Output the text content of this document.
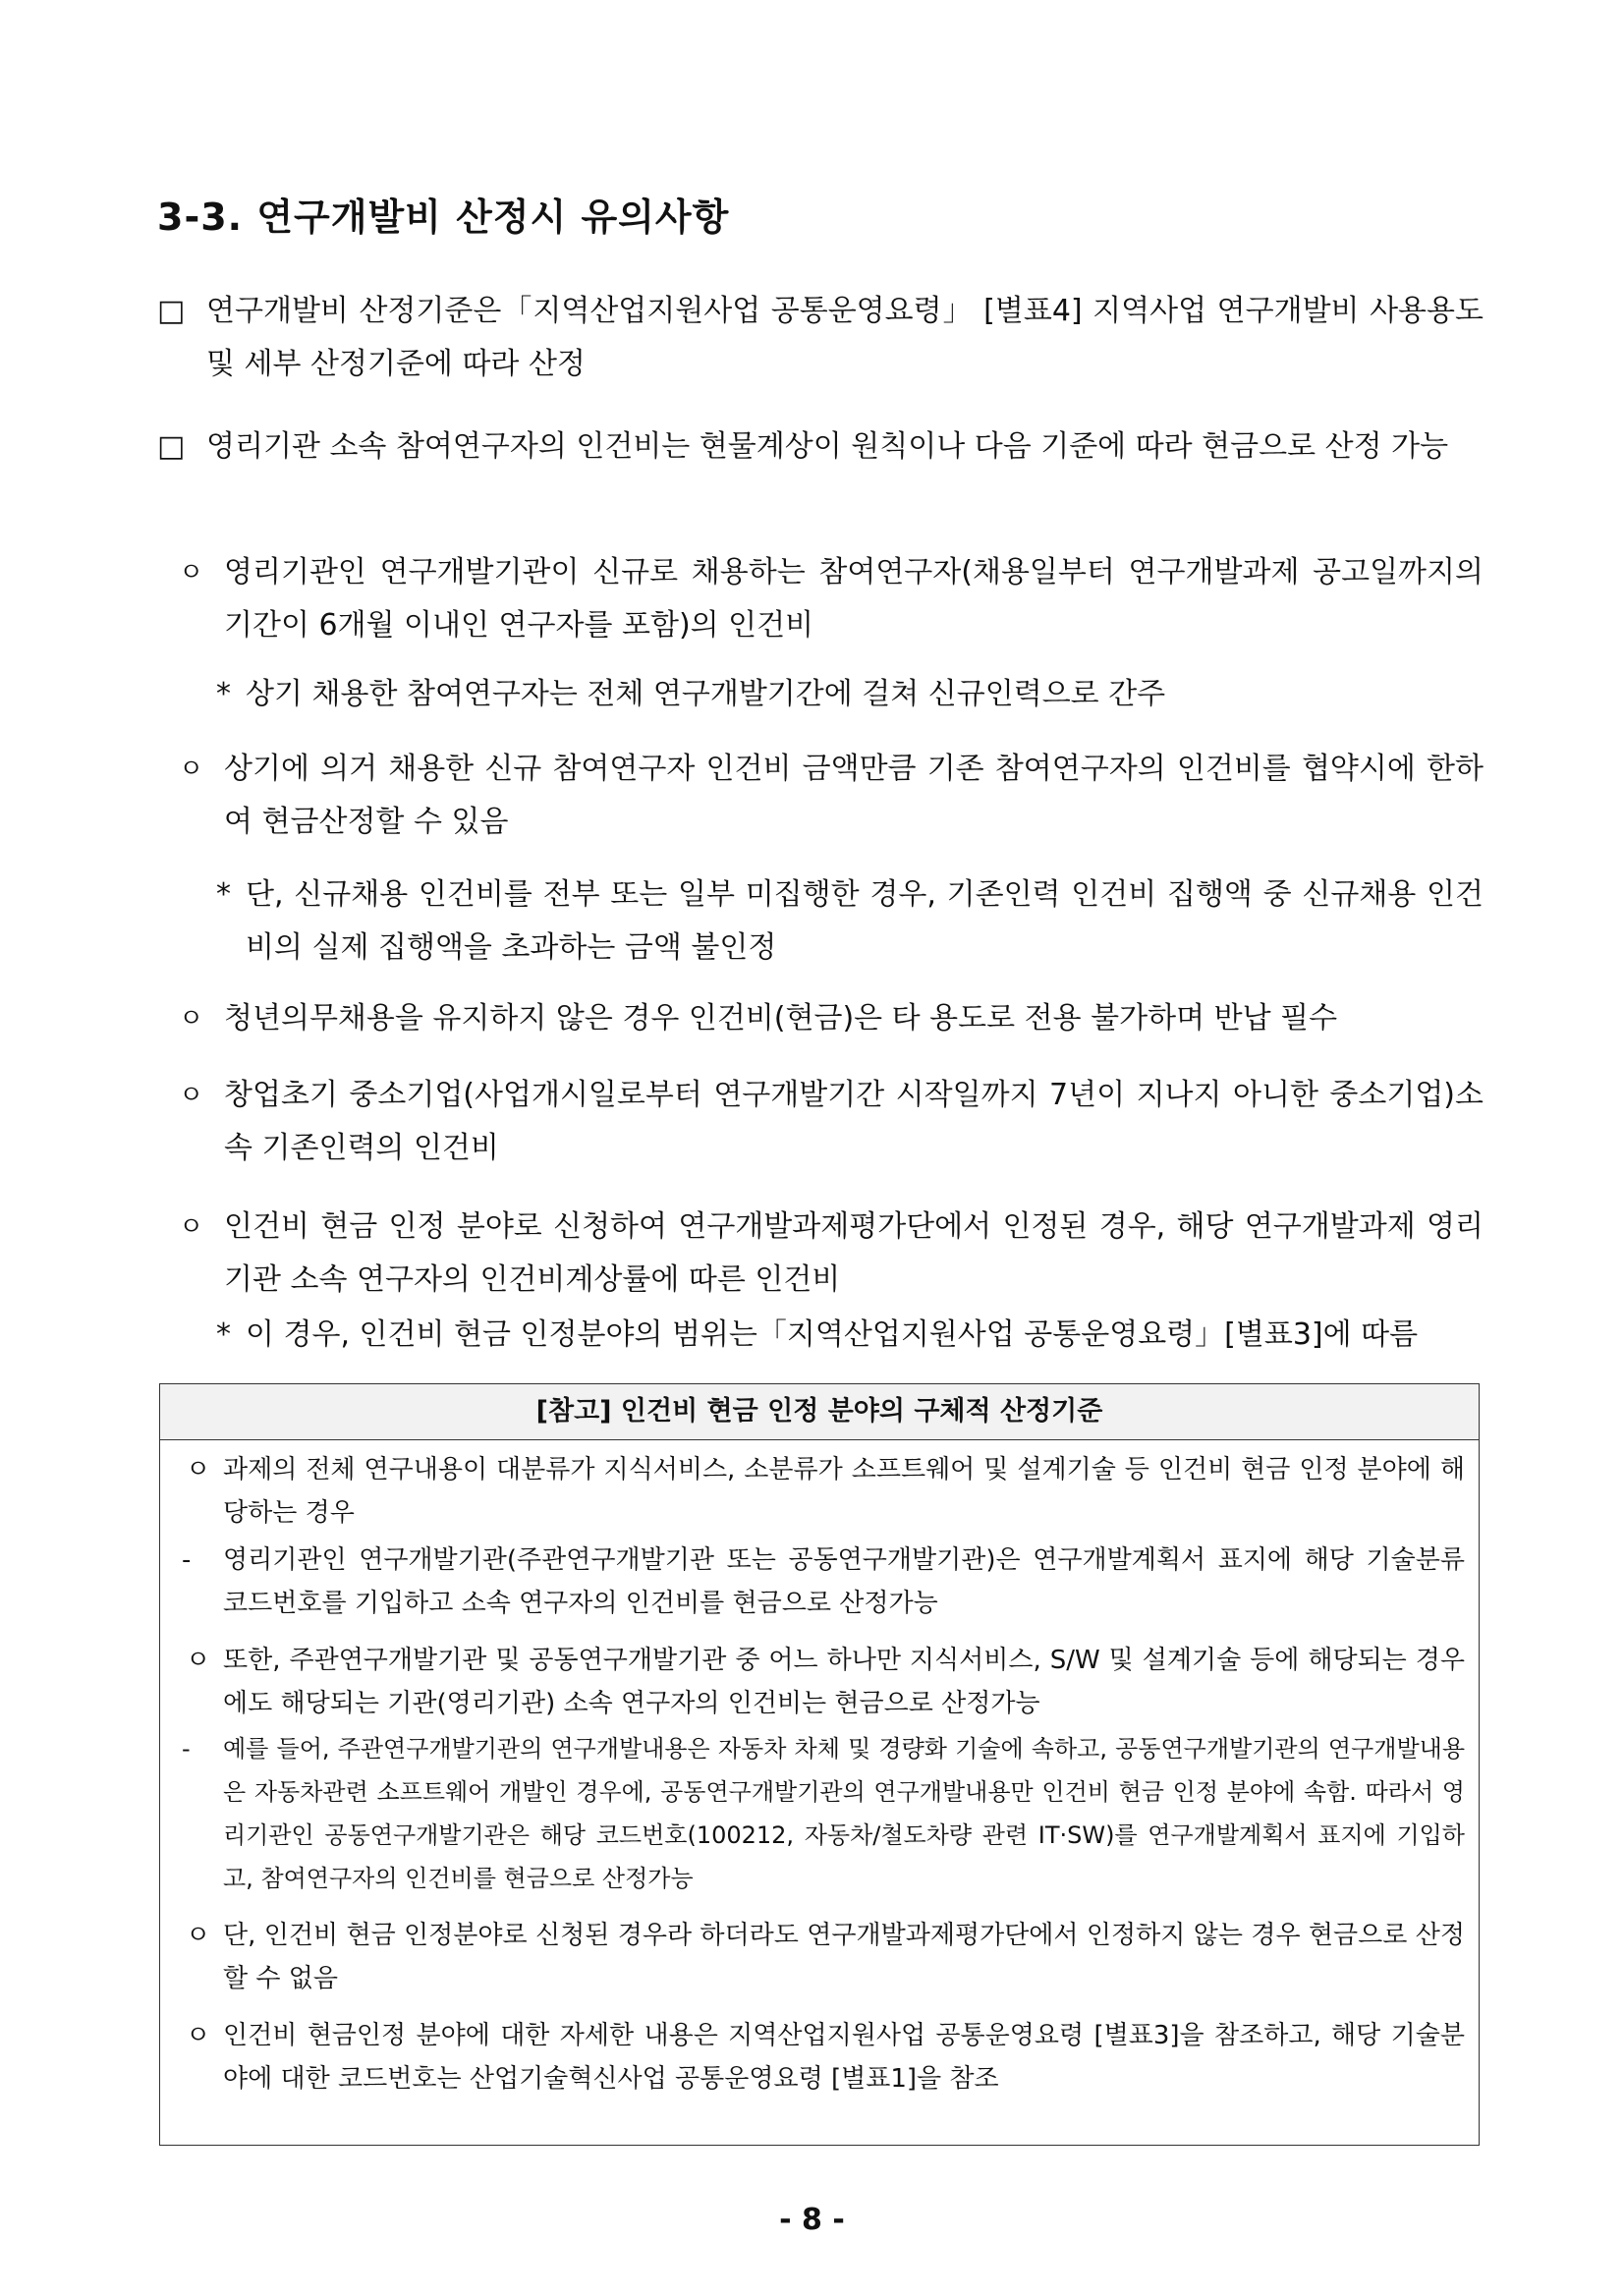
3-3. 연구개발비 산정시 유의사항
□ 연구개발비 산정기준은「지역산업지원사업 공통운영요령」 [별표4] 지역사업 연구개발비 사용용도 및 세부 산정기준에 따라 산정
□ 영리기관 소속 참여연구자의 인건비는 현물계상이 원칙이나 다음 기준에 따라 현금으로 산정 가능
ㅇ 영리기관인 연구개발기관이 신규로 채용하는 참여연구자(채용일부터 연구개발과제 공고일까지의 기간이 6개월 이내인 연구자를 포함)의 인건비
* 상기 채용한 참여연구자는 전체 연구개발기간에 걸쳐 신규인력으로 간주
ㅇ 상기에 의거 채용한 신규 참여연구자 인건비 금액만큼 기존 참여연구자의 인건비를 협약시에 한하여 현금산정할 수 있음
* 단, 신규채용 인건비를 전부 또는 일부 미집행한 경우, 기존인력 인건비 집행액 중 신규채용 인건비의 실제 집행액을 초과하는 금액 불인정
ㅇ 청년의무채용을 유지하지 않은 경우 인건비(현금)은 타 용도로 전용 불가하며 반납 필수
ㅇ 창업초기 중소기업(사업개시일로부터 연구개발기간 시작일까지 7년이 지나지 아니한 중소기업)소속 기존인력의 인건비
ㅇ 인건비 현금 인정 분야로 신청하여 연구개발과제평가단에서 인정된 경우, 해당 연구개발과제 영리기관 소속 연구자의 인건비계상률에 따른 인건비
* 이 경우, 인건비 현금 인정분야의 범위는「지역산업지원사업 공통운영요령」[별표3]에 따름
[참고] 인건비 현금 인정 분야의 구체적 산정기준
ㅇ 과제의 전체 연구내용이 대분류가 지식서비스, 소분류가 소프트웨어 및 설계기술 등 인건비 현금 인정 분야에 해당하는 경우
-	영리기관인 연구개발기관(주관연구개발기관 또는 공동연구개발기관)은 연구개발계획서 표지에 해당 기술분류 코드번호를 기입하고 소속 연구자의 인건비를 현금으로 산정가능
ㅇ 또한, 주관연구개발기관 및 공동연구개발기관 중 어느 하나만 지식서비스, S/W 및 설계기술 등에 해당되는 경우에도 해당되는 기관(영리기관) 소속 연구자의 인건비는 현금으로 산정가능
-	예를 들어, 주관연구개발기관의 연구개발내용은 자동차 차체 및 경량화 기술에 속하고, 공동연구개발기관의 연구개발내용은 자동차관련 소프트웨어 개발인 경우에, 공동연구개발기관의 연구개발내용만 인건비 현금 인정 분야에 속함. 따라서 영리기관인 공동연구개발기관은 해당 코드번호(100212, 자동차/철도차량 관련 IT·SW)를 연구개발계획서 표지에 기입하고, 참여연구자의 인건비를 현금으로 산정가능
ㅇ 단, 인건비 현금 인정분야로 신청된 경우라 하더라도 연구개발과제평가단에서 인정하지 않는 경우 현금으로 산정할 수 없음
ㅇ 인건비 현금인정 분야에 대한 자세한 내용은 지역산업지원사업 공통운영요령 [별표3]을 참조하고, 해당 기술분야에 대한 코드번호는 산업기술혁신사업 공통운영요령 [별표1]을 참조
- 8 -
